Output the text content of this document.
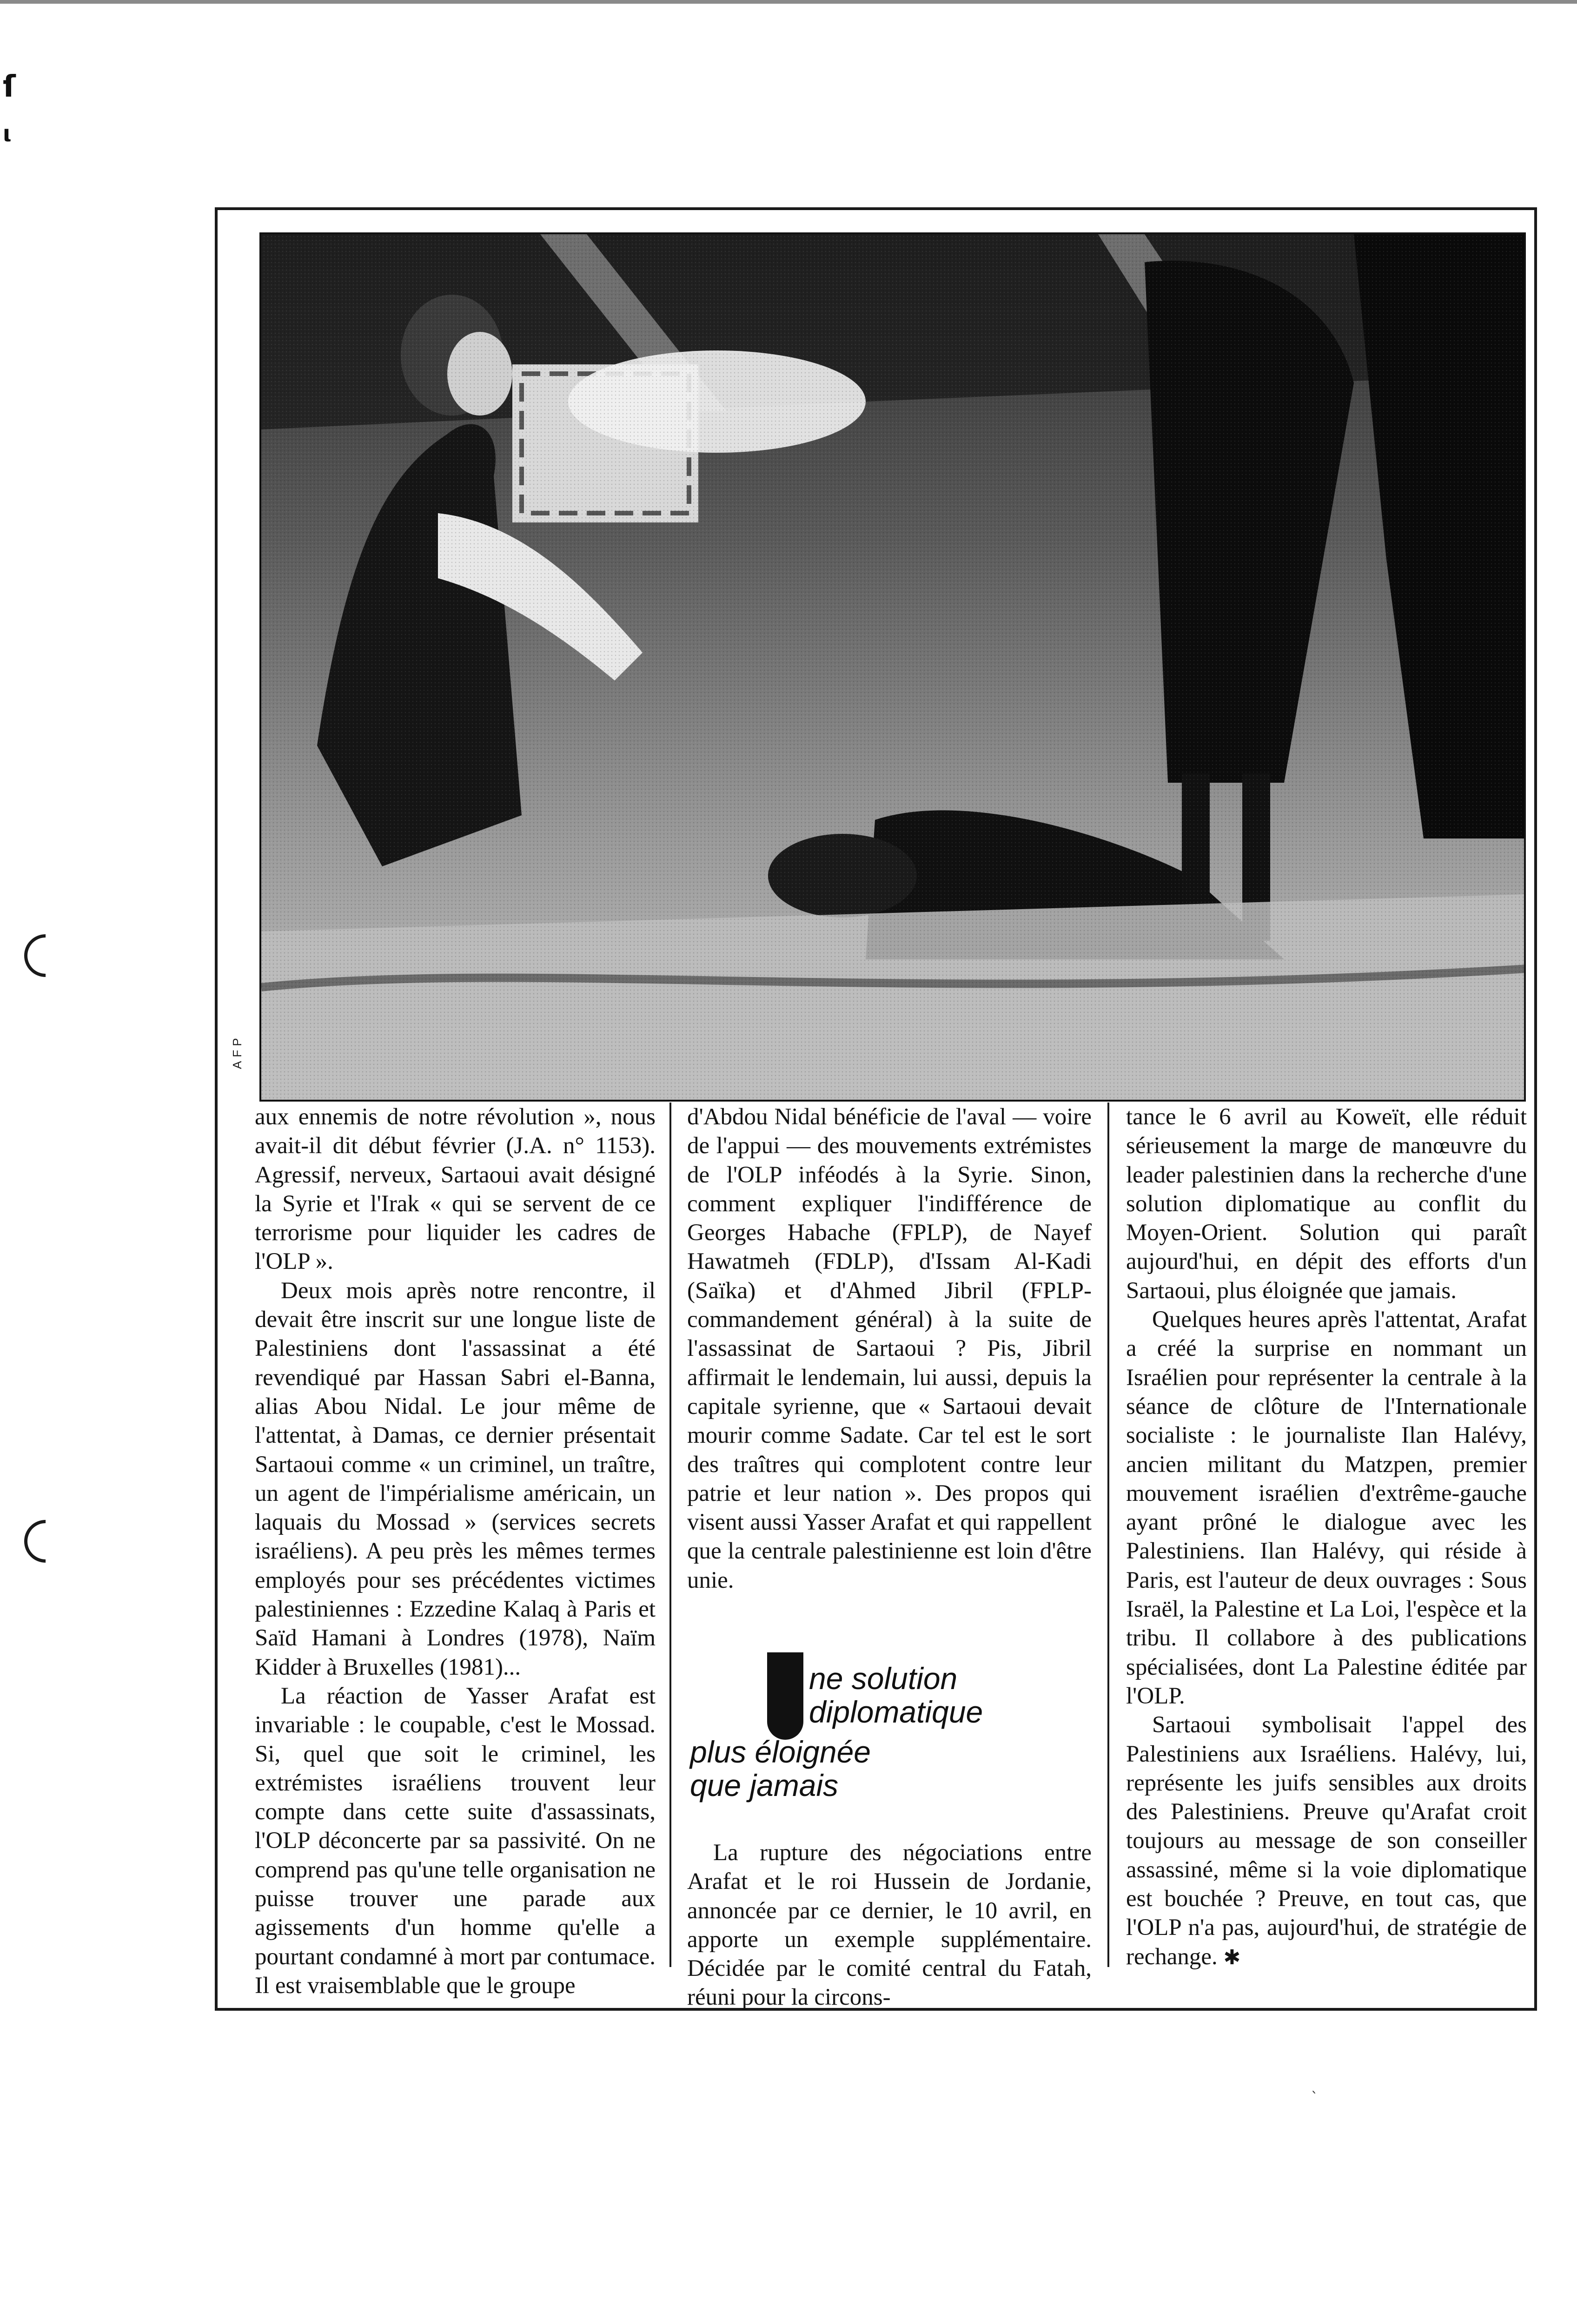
ſ
ι
AFP

aux ennemis de notre révolution », nous avait-il dit début février (J.A. n° 1153). Agressif, nerveux, Sartaoui avait désigné la Syrie et l'Irak « qui se servent de ce terrorisme pour liquider les cadres de l'OLP ».

Deux mois après notre rencontre, il devait être inscrit sur une longue liste de Palestiniens dont l'assassinat a été revendiqué par Hassan Sabri el-Banna, alias Abou Nidal. Le jour même de l'attentat, à Damas, ce dernier présentait Sartaoui comme « un criminel, un traître, un agent de l'impérialisme américain, un laquais du Mossad » (services secrets israéliens). A peu près les mêmes termes employés pour ses précédentes victimes palestiniennes : Ezzedine Kalaq à Paris et Saïd Hamani à Londres (1978), Naïm Kidder à Bruxelles (1981)...

La réaction de Yasser Arafat est invariable : le coupable, c'est le Mossad. Si, quel que soit le criminel, les extrémistes israéliens trouvent leur compte dans cette suite d'assassinats, l'OLP déconcerte par sa passivité. On ne comprend pas qu'une telle organisation ne puisse trouver une parade aux agissements d'un homme qu'elle a pourtant condamné à mort par contumace. Il est vraisemblable que le groupe

d'Abdou Nidal bénéficie de l'aval — voire de l'appui — des mouvements extrémistes de l'OLP inféodés à la Syrie. Sinon, comment expliquer l'indifférence de Georges Habache (FPLP), de Nayef Hawatmeh (FDLP), d'Issam Al-Kadi (Saïka) et d'Ahmed Jibril (FPLP-commandement général) à la suite de l'assassinat de Sartaoui ? Pis, Jibril affirmait le lendemain, lui aussi, depuis la capitale syrienne, que « Sartaoui devait mourir comme Sadate. Car tel est le sort des traîtres qui complotent contre leur patrie et leur nation ». Des propos qui visent aussi Yasser Arafat et qui rappellent que la centrale palestinienne est loin d'être unie.

ne solution
diplomatique
plus éloignée
que jamais

La rupture des négociations entre Arafat et le roi Hussein de Jordanie, annoncée par ce dernier, le 10 avril, en apporte un exemple supplémentaire. Décidée par le comité central du Fatah, réuni pour la circons-

tance le 6 avril au Koweït, elle réduit sérieusement la marge de manœuvre du leader palestinien dans la recherche d'une solution diplomatique au conflit du Moyen-Orient. Solution qui paraît aujourd'hui, en dépit des efforts d'un Sartaoui, plus éloignée que jamais.

Quelques heures après l'attentat, Arafat a créé la surprise en nommant un Israélien pour représenter la centrale à la séance de clôture de l'Internationale socialiste : le journaliste Ilan Halévy, ancien militant du Matzpen, premier mouvement israélien d'extrême-gauche ayant prôné le dialogue avec les Palestiniens. Ilan Halévy, qui réside à Paris, est l'auteur de deux ouvrages : Sous Israël, la Palestine et La Loi, l'espèce et la tribu. Il collabore à des publications spécialisées, dont La Palestine éditée par l'OLP.

Sartaoui symbolisait l'appel des Palestiniens aux Israéliens. Halévy, lui, représente les juifs sensibles aux droits des Palestiniens. Preuve qu'Arafat croit toujours au message de son conseiller assassiné, même si la voie diplomatique est bouchée ? Preuve, en tout cas, que l'OLP n'a pas, aujourd'hui, de stratégie de rechange. ✱

ˎ
